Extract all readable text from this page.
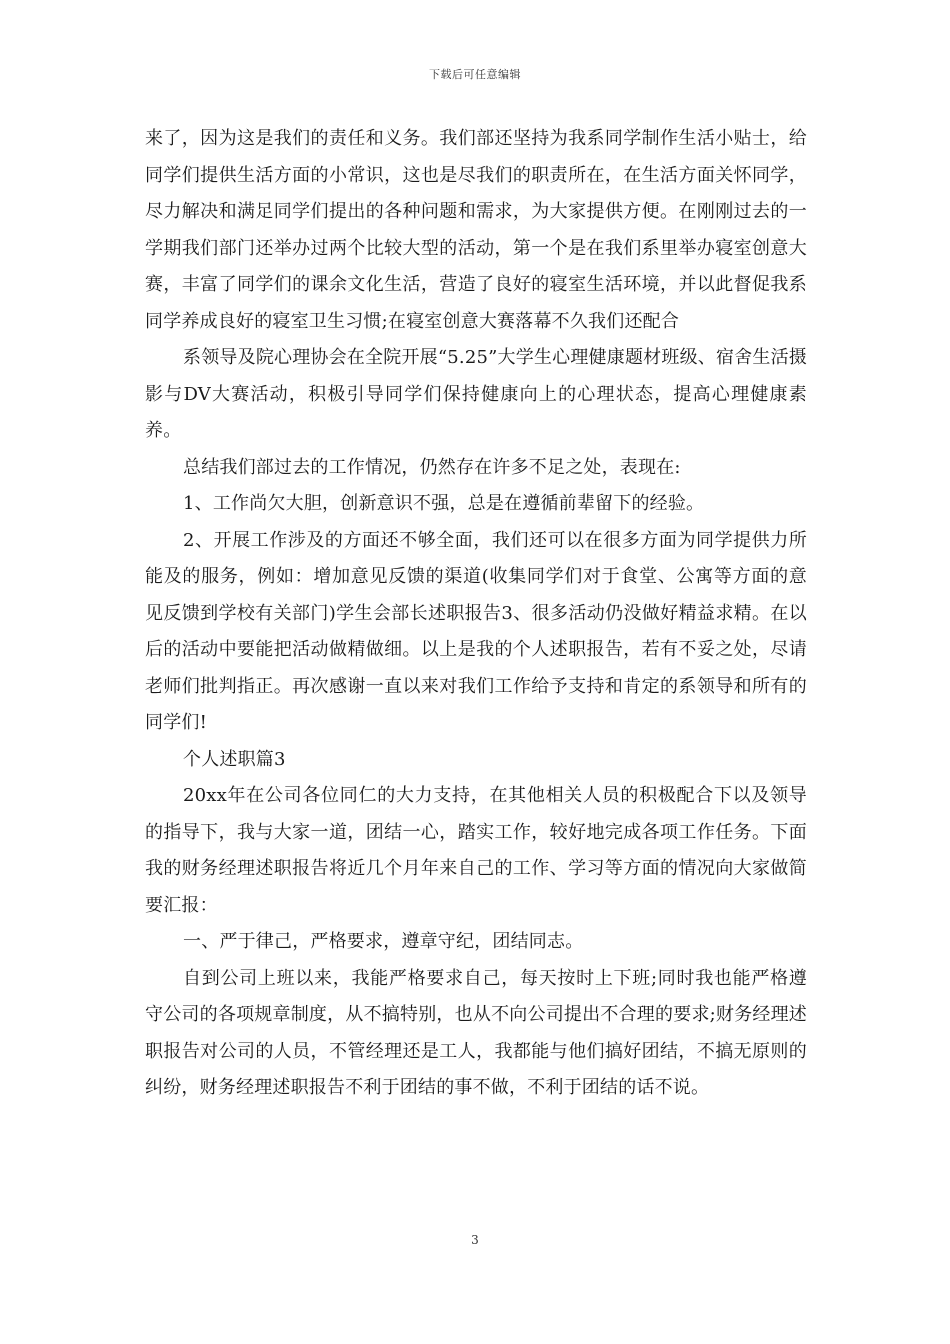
下载后可任意编辑

来了，因为这是我们的责任和义务。我们部还坚持为我系同学制作生活小贴士，给同学们提供生活方面的小常识，这也是尽我们的职责所在，在生活方面关怀同学，尽力解决和满足同学们提出的各种问题和需求，为大家提供方便。在刚刚过去的一学期我们部门还举办过两个比较大型的活动，第一个是在我们系里举办寝室创意大赛，丰富了同学们的课余文化生活，营造了良好的寝室生活环境，并以此督促我系同学养成良好的寝室卫生习惯;在寝室创意大赛落幕不久我们还配合

系领导及院心理协会在全院开展“5.25”大学生心理健康题材班级、宿舍生活摄影与DV大赛活动，积极引导同学们保持健康向上的心理状态，提高心理健康素养。

总结我们部过去的工作情况，仍然存在许多不足之处，表现在:

1、工作尚欠大胆，创新意识不强，总是在遵循前辈留下的经验。

2、开展工作涉及的方面还不够全面，我们还可以在很多方面为同学提供力所能及的服务，例如：增加意见反馈的渠道(收集同学们对于食堂、公寓等方面的意见反馈到学校有关部门)学生会部长述职报告3、很多活动仍没做好精益求精。在以后的活动中要能把活动做精做细。以上是我的个人述职报告，若有不妥之处，尽请老师们批判指正。再次感谢一直以来对我们工作给予支持和肯定的系领导和所有的同学们!

个人述职篇3

20xx年在公司各位同仁的大力支持，在其他相关人员的积极配合下以及领导的指导下，我与大家一道，团结一心，踏实工作，较好地完成各项工作任务。下面我的财务经理述职报告将近几个月年来自己的工作、学习等方面的情况向大家做简要汇报：

一、严于律己，严格要求，遵章守纪，团结同志。

自到公司上班以来，我能严格要求自己，每天按时上下班;同时我也能严格遵守公司的各项规章制度，从不搞特别，也从不向公司提出不合理的要求;财务经理述职报告对公司的人员，不管经理还是工人，我都能与他们搞好团结，不搞无原则的纠纷，财务经理述职报告不利于团结的事不做，不利于团结的话不说。

3
